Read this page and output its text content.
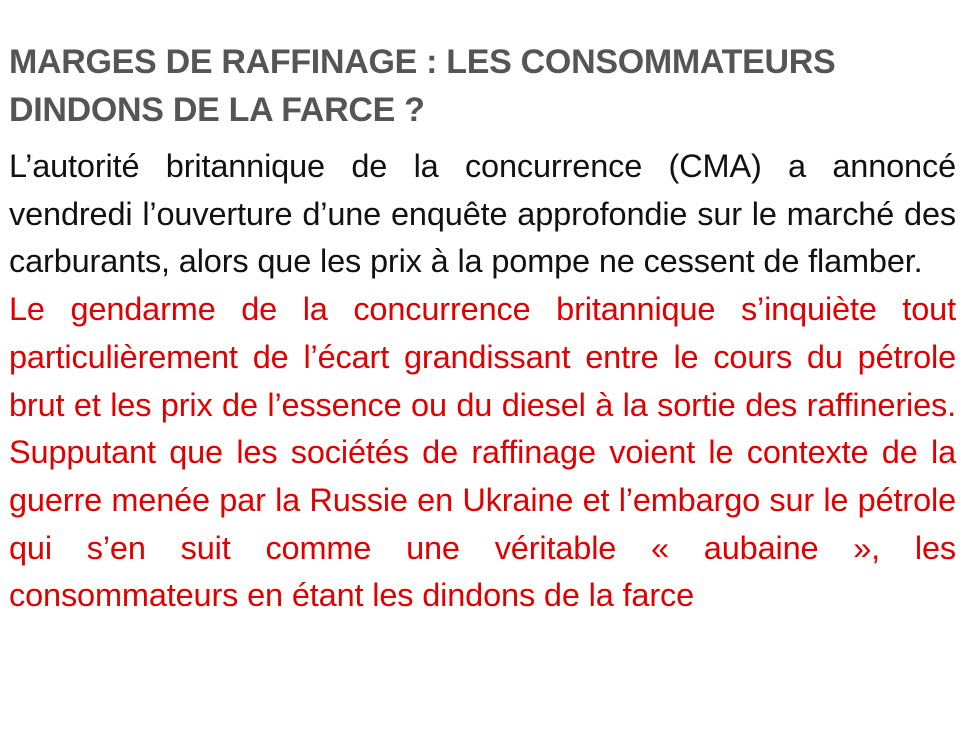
MARGES DE RAFFINAGE : LES CONSOMMATEURS DINDONS DE LA FARCE ?

L’autorité britannique de la concurrence (CMA) a annoncé vendredi l’ouverture d’une enquête approfondie sur le marché des carburants, alors que les prix à la pompe ne cessent de flamber.

Le gendarme de la concurrence britannique s’inquiète tout particulièrement de l’écart grandissant entre le cours du pétrole brut et les prix de l’essence ou du diesel à la sortie des raffineries. Supputant que les sociétés de raffinage voient le contexte de la guerre menée par la Russie en Ukraine et l’embargo sur le pétrole qui s’en suit comme une véritable « aubaine », les consommateurs en étant les dindons de la farce
